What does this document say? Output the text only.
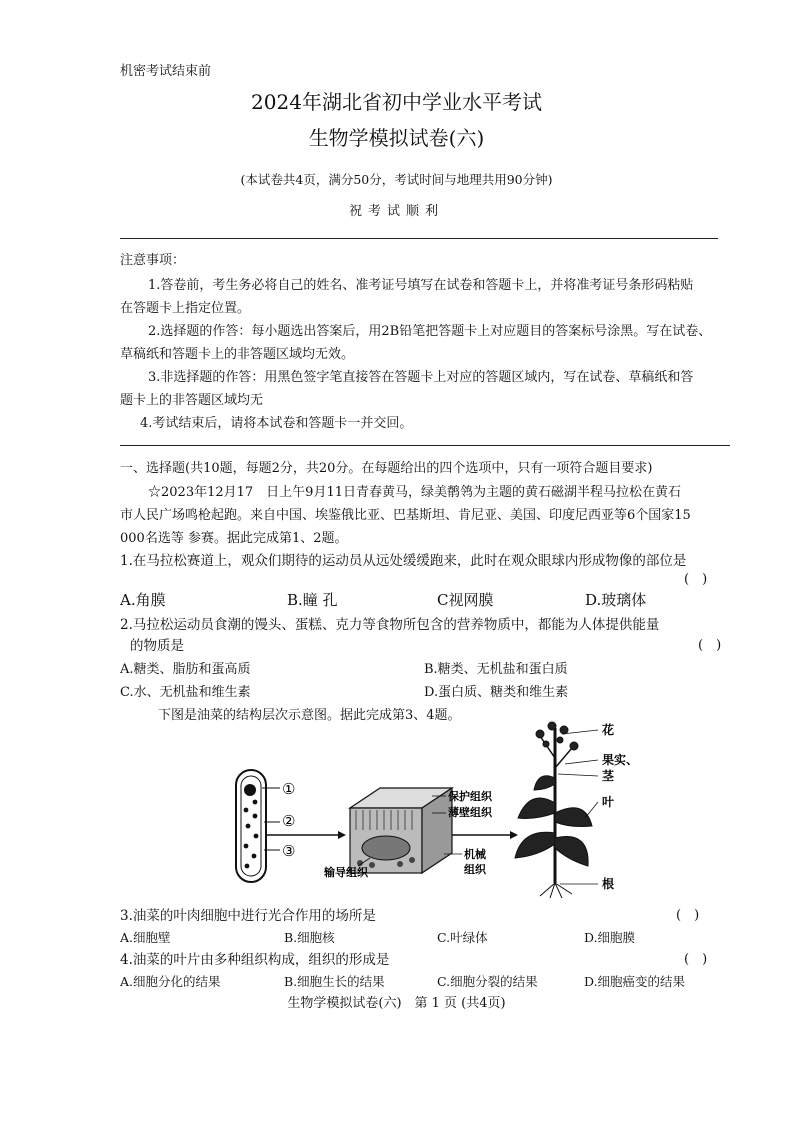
机密考试结束前
2024年湖北省初中学业水平考试
生物学模拟试卷(六)
(本试卷共4页，满分50分，考试时间与地理共用90分钟)
祝考试顺利
注意事项：
1.答卷前，考生务必将自己的姓名、准考证号填写在试卷和答题卡上，并将准考证号条形码粘贴
在答题卡上指定位置。
2.选择题的作答：每小题选出答案后，用2B铅笔把答题卡上对应题目的答案标号涂黑。写在试卷、
草稿纸和答题卡上的非答题区域均无效。
3.非选择题的作答：用黑色签字笔直接答在答题卡上对应的答题区域内，写在试卷、草稿纸和答
题卡上的非答题区域均无
4.考试结束后，请将本试卷和答题卡一并交回。
一、选择题(共10题，每题2分，共20分。在每题给出的四个选项中，只有一项符合题目要求)
☆2023年12月17　日上午9月11日青春黄马，绿美鹡鸰为主题的黄石磁湖半程马拉松在黄石
市人民广场鸣枪起跑。来自中国、埃鉴俄比亚、巴基斯坦、肯尼亚、美国、印度尼西亚等6个国家15
000名选等 参赛。据此完成第1、2题。
1.在马拉松赛道上，观众们期待的运动员从远处缓缓跑来，此时在观众眼球内形成物像的部位是
(　)
A.角膜	B.瞳 孔	C视网膜	D.玻璃体
2.马拉松运动员食潮的馒头、蛋糕、克力等食物所包含的营养物质中，都能为人体提供能量
的物质是	(　)
A.糖类、脂肪和蛋高质	B.糖类、无机盐和蛋白质
C.水、无机盐和维生素	D.蛋白质、糖类和维生素
下图是油菜的结构层次示意图。据此完成第3、4题。
①
②
③
保护组织
薄壁组织
输导组织
机械
组织
花
果实、
茎
叶
根
3.油菜的叶肉细胞中进行光合作用的场所是	(　)
A.细胞壁	B.细胞核	C.叶绿体	D.细胞膜
4.油菜的叶片由多种组织构成，组织的形成是	(　)
A.细胞分化的结果	B.细胞生长的结果	C.细胞分裂的结果	D.细胞癌变的结果
生物学模拟试卷(六)　第 1 页 (共4页)
